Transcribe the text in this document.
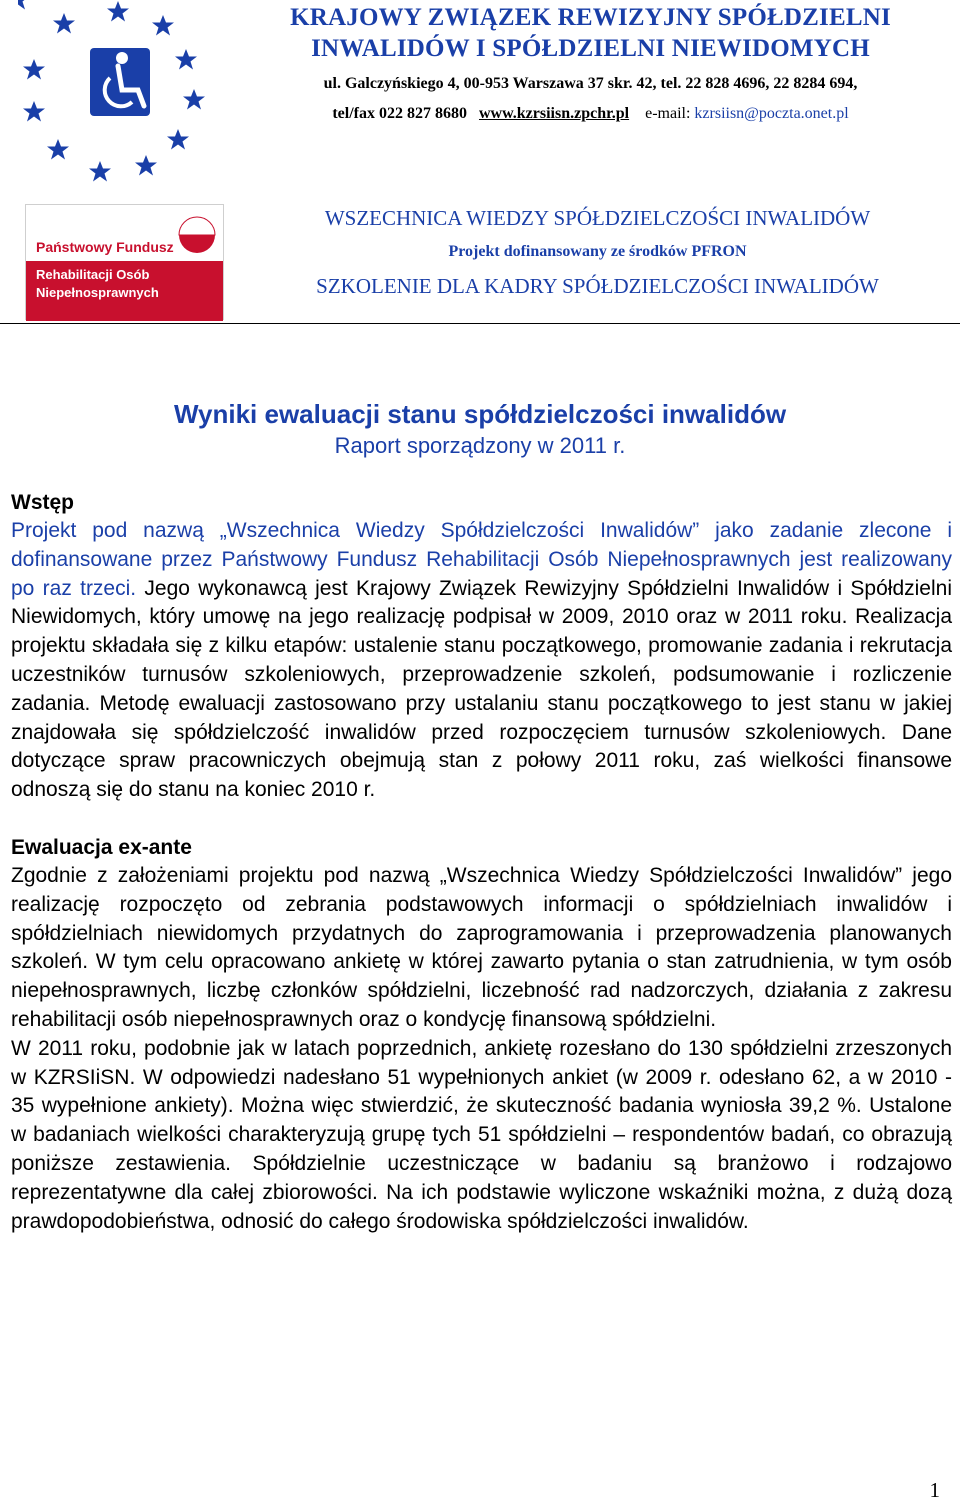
KRAJOWY ZWIĄZEK REWIZYJNY SPÓŁDZIELNI
INWALIDÓW I SPÓŁDZIELNI NIEWIDOMYCH
ul. Galczyńskiego 4, 00-953 Warszawa 37 skr. 42, tel. 22 828 4696, 22 8284 694,
tel/fax 022 827 8680 www.kzrsiisn.zpchr.pl e-mail: kzrsiisn@poczta.onet.pl
Państwowy Fundusz
Rehabilitacji Osób
Niepełnosprawnych
WSZECHNICA WIEDZY SPÓŁDZIELCZOŚCI INWALIDÓW
Projekt dofinansowany ze środków PFRON
SZKOLENIE DLA KADRY SPÓŁDZIELCZOŚCI INWALIDÓW
Wyniki ewaluacji stanu spółdzielczości inwalidów
Raport sporządzony w 2011 r.
Wstęp

Projekt pod nazwą „Wszechnica Wiedzy Spółdzielczości Inwalidów” jako zadanie zlecone i dofinansowane przez Państwowy Fundusz Rehabilitacji Osób Niepełnosprawnych jest realizowany po raz trzeci. Jego wykonawcą jest Krajowy Związek Rewizyjny Spółdzielni Inwalidów i Spółdzielni Niewidomych, który umowę na jego realizację podpisał w 2009, 2010 oraz w 2011 roku. Realizacja projektu składała się z kilku etapów: ustalenie stanu początkowego, promowanie zadania i rekrutacja uczestników turnusów szkoleniowych, przeprowadzenie szkoleń, podsumowanie i rozliczenie zadania. Metodę ewaluacji zastosowano przy ustalaniu stanu początkowego to jest stanu w jakiej znajdowała się spółdzielczość inwalidów przed rozpoczęciem turnusów szkoleniowych. Dane dotyczące spraw pracowniczych obejmują stan z połowy 2011 roku, zaś wielkości finansowe odnoszą się do stanu na koniec 2010 r.

Ewaluacja ex-ante

Zgodnie z założeniami projektu pod nazwą „Wszechnica Wiedzy Spółdzielczości Inwalidów” jego realizację rozpoczęto od zebrania podstawowych informacji o spółdzielniach inwalidów i spółdzielniach niewidomych przydatnych do zaprogramowania i przeprowadzenia planowanych szkoleń. W tym celu opracowano ankietę w której zawarto pytania o stan zatrudnienia, w tym osób niepełnosprawnych, liczbę członków spółdzielni, liczebność rad nadzorczych, działania z zakresu rehabilitacji osób niepełnosprawnych oraz o kondycję finansową spółdzielni.

W 2011 roku, podobnie jak w latach poprzednich, ankietę rozesłano do 130 spółdzielni zrzeszonych w KZRSIiSN. W odpowiedzi nadesłano 51 wypełnionych ankiet (w 2009 r. odesłano 62, a w 2010 - 35 wypełnione ankiety). Można więc stwierdzić, że skuteczność badania wyniosła 39,2 %. Ustalone w badaniach wielkości charakteryzują grupę tych 51 spółdzielni – respondentów badań, co obrazują poniższe zestawienia. Spółdzielnie uczestniczące w badaniu są branżowo i rodzajowo reprezentatywne dla całej zbiorowości. Na ich podstawie wyliczone wskaźniki można, z dużą dozą prawdopodobieństwa, odnosić do całego środowiska spółdzielczości inwalidów.

1
